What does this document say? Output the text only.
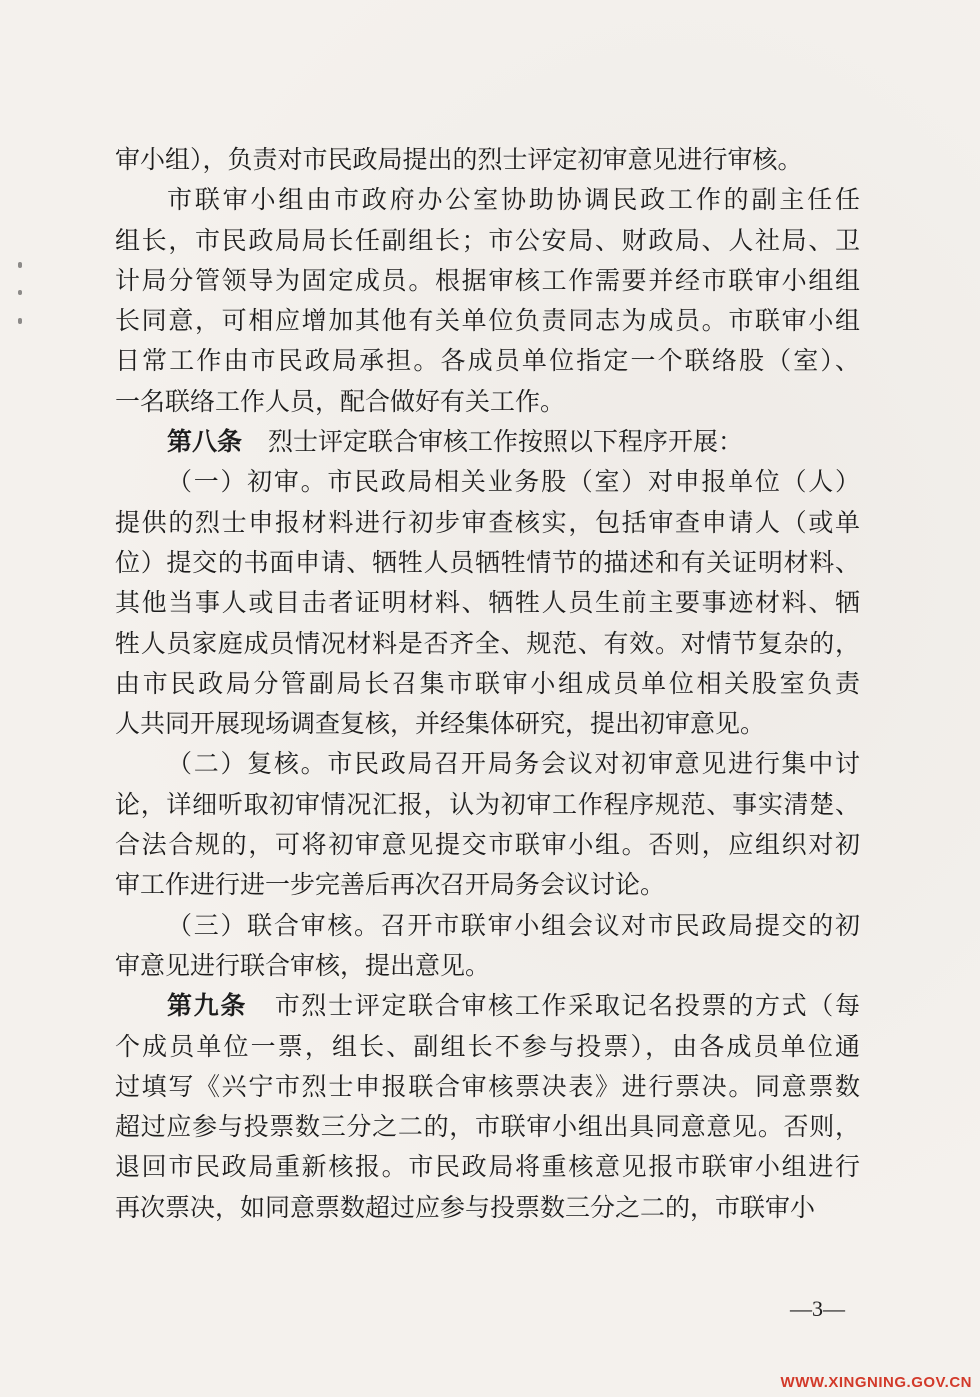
审小组），负责对市民政局提出的烈士评定初审意见进行审核。
市联审小组由市政府办公室协助协调民政工作的副主任任
组长，市民政局局长任副组长；市公安局、财政局、人社局、卫
计局分管领导为固定成员。根据审核工作需要并经市联审小组组
长同意，可相应增加其他有关单位负责同志为成员。市联审小组
日常工作由市民政局承担。各成员单位指定一个联络股（室）、
一名联络工作人员，配合做好有关工作。
第八条 烈士评定联合审核工作按照以下程序开展：
（一）初审。市民政局相关业务股（室）对申报单位（人）
提供的烈士申报材料进行初步审查核实，包括审查申请人（或单
位）提交的书面申请、牺牲人员牺牲情节的描述和有关证明材料、
其他当事人或目击者证明材料、牺牲人员生前主要事迹材料、牺
牲人员家庭成员情况材料是否齐全、规范、有效。对情节复杂的，
由市民政局分管副局长召集市联审小组成员单位相关股室负责
人共同开展现场调查复核，并经集体研究，提出初审意见。
（二）复核。市民政局召开局务会议对初审意见进行集中讨
论，详细听取初审情况汇报，认为初审工作程序规范、事实清楚、
合法合规的，可将初审意见提交市联审小组。否则，应组织对初
审工作进行进一步完善后再次召开局务会议讨论。
（三）联合审核。召开市联审小组会议对市民政局提交的初
审意见进行联合审核，提出意见。
第九条 市烈士评定联合审核工作采取记名投票的方式（每
个成员单位一票，组长、副组长不参与投票），由各成员单位通
过填写《兴宁市烈士申报联合审核票决表》进行票决。同意票数
超过应参与投票数三分之二的，市联审小组出具同意意见。否则，
退回市民政局重新核报。市民政局将重核意见报市联审小组进行
再次票决，如同意票数超过应参与投票数三分之二的，市联审小
—3—
WWW.XINGNING.GOV.CN
